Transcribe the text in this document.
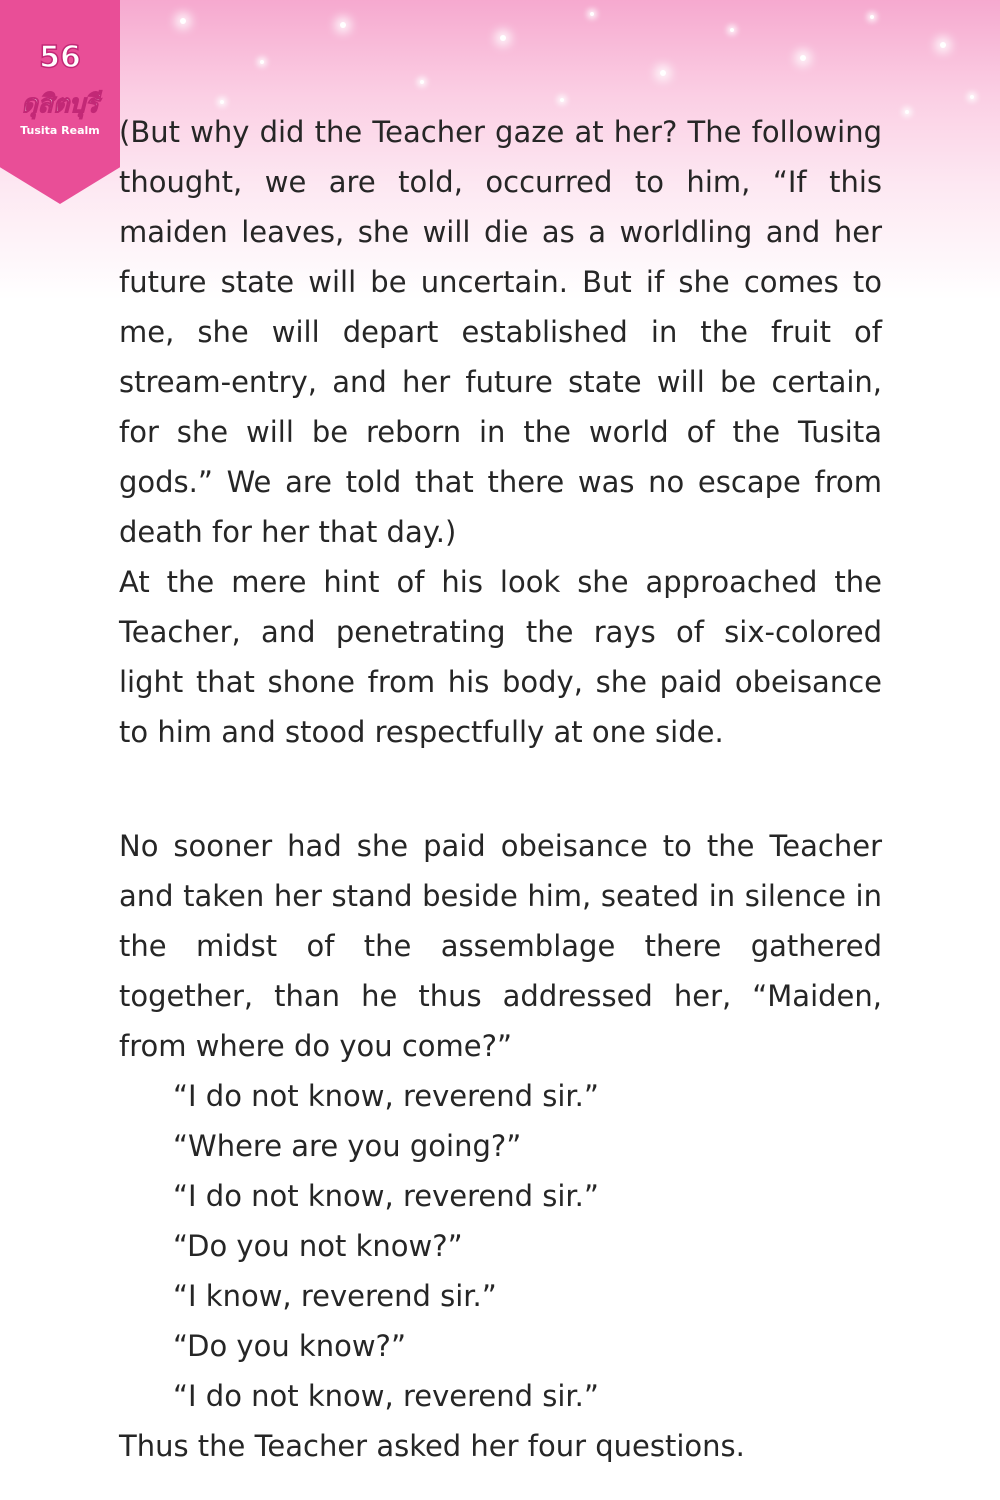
56
ดุสิตบุรี
Tusita Realm (But why did the Teacher gaze at her? The following thought, we are told, occurred to him, “If this maiden leaves, she will die as a worldling and her future state will be uncertain. But if she comes to me, she will depart established in the fruit of stream-entry, and her future state will be certain, for she will be reborn in the world of the Tusita gods.” We are told that there was no escape from death for her that day.)

At the mere hint of his look she approached the Teacher, and penetrating the rays of six-colored light that shone from his body, she paid obeisance to him and stood respectfully at one side.

No sooner had she paid obeisance to the Teacher and taken her stand beside him, seated in silence in the midst of the assemblage there gathered together, than he thus addressed her, “Maiden, from where do you come?”

“I do not know, reverend sir.”

“Where are you going?”

“I do not know, reverend sir.”

“Do you not know?”

“I know, reverend sir.”

“Do you know?”

“I do not know, reverend sir.”

Thus the Teacher asked her four questions.
